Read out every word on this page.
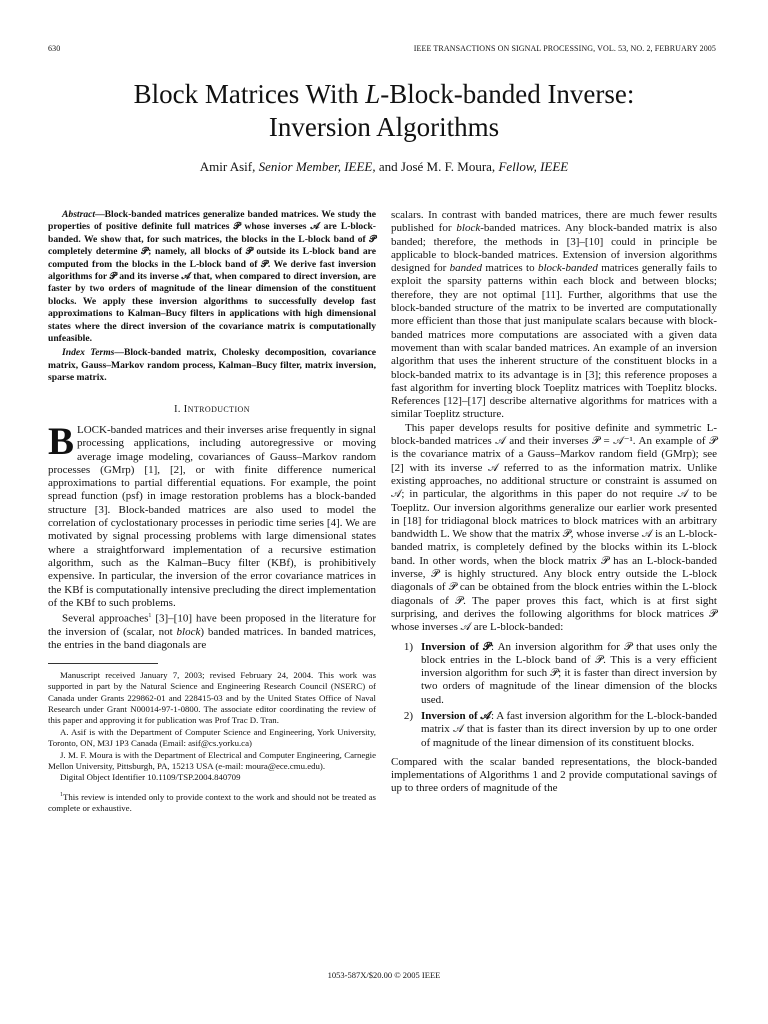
630	IEEE TRANSACTIONS ON SIGNAL PROCESSING, VOL. 53, NO. 2, FEBRUARY 2005
Block Matrices With L-Block-banded Inverse:
Inversion Algorithms
Amir Asif, Senior Member, IEEE, and José M. F. Moura, Fellow, IEEE

Abstract—Block-banded matrices generalize banded matrices. We study the properties of positive definite full matrices 𝒫 whose inverses 𝒜 are L-block-banded. We show that, for such matrices, the blocks in the L-block band of 𝒫 completely determine 𝒫; namely, all blocks of 𝒫 outside its L-block band are computed from the blocks in the L-block band of 𝒫. We derive fast inversion algorithms for 𝒫 and its inverse 𝒜 that, when compared to direct inversion, are faster by two orders of magnitude of the linear dimension of the constituent blocks. We apply these inversion algorithms to successfully develop fast approximations to Kalman–Bucy filters in applications with high dimensional states where the direct inversion of the covariance matrix is computationally unfeasible.

Index Terms—Block-banded matrix, Cholesky decomposition, covariance matrix, Gauss–Markov random process, Kalman–Bucy filter, matrix inversion, sparse matrix.

I. Introduction

BLOCK-banded matrices and their inverses arise frequently in signal processing applications, including autoregressive or moving average image modeling, covariances of Gauss–Markov random processes (GMrp) [1], [2], or with finite difference numerical approximations to partial differential equations. For example, the point spread function (psf) in image restoration problems has a block-banded structure [3]. Block-banded matrices are also used to model the correlation of cyclostationary processes in periodic time series [4]. We are motivated by signal processing problems with large dimensional states where a straightforward implementation of a recursive estimation algorithm, such as the Kalman–Bucy filter (KBf), is prohibitively expensive. In particular, the inversion of the error covariance matrices in the KBf is computationally intensive precluding the direct implementation of the KBf to such problems.

Several approaches$^1$ [3]–[10] have been proposed in the literature for the inversion of (scalar, not block) banded matrices. In banded matrices, the entries in the band diagonals are

Manuscript received January 7, 2003; revised February 24, 2004. This work was supported in part by the Natural Science and Engineering Research Council (NSERC) of Canada under Grants 229862-01 and 228415-03 and by the United States Office of Naval Research under Grant N00014-97-1-0800. The associate editor coordinating the review of this paper and approving it for publication was Prof Trac D. Tran.

A. Asif is with the Department of Computer Science and Engineering, York University, Toronto, ON, M3J 1P3 Canada (Email: asif@cs.yorku.ca)

J. M. F. Moura is with the Department of Electrical and Computer Engineering, Carnegie Mellon University, Pittsburgh, PA, 15213 USA (e-mail: moura@ece.cmu.edu).

Digital Object Identifier 10.1109/TSP.2004.840709

$^1$This review is intended only to provide context to the work and should not be treated as complete or exhaustive.

scalars. In contrast with banded matrices, there are much fewer results published for block-banded matrices. Any block-banded matrix is also banded; therefore, the methods in [3]–[10] could in principle be applicable to block-banded matrices. Extension of inversion algorithms designed for banded matrices to block-banded matrices generally fails to exploit the sparsity patterns within each block and between blocks; therefore, they are not optimal [11]. Further, algorithms that use the block-banded structure of the matrix to be inverted are computationally more efficient than those that just manipulate scalars because with block-banded matrices more computations are associated with a given data movement than with scalar banded matrices. An example of an inversion algorithm that uses the inherent structure of the constituent blocks in a block-banded matrix to its advantage is in [3]; this reference proposes a fast algorithm for inverting block Toeplitz matrices with Toeplitz blocks. References [12]–[17] describe alternative algorithms for matrices with a similar Toeplitz structure.

This paper develops results for positive definite and symmetric L-block-banded matrices 𝒜 and their inverses 𝒫 = 𝒜⁻¹. An example of 𝒫 is the covariance matrix of a Gauss–Markov random field (GMrp); see [2] with its inverse 𝒜 referred to as the information matrix. Unlike existing approaches, no additional structure or constraint is assumed on 𝒜; in particular, the algorithms in this paper do not require 𝒜 to be Toeplitz. Our inversion algorithms generalize our earlier work presented in [18] for tridiagonal block matrices to block matrices with an arbitrary bandwidth L. We show that the matrix 𝒫, whose inverse 𝒜 is an L-block-banded matrix, is completely defined by the blocks within its L-block band. In other words, when the block matrix 𝒫 has an L-block-banded inverse, 𝒫 is highly structured. Any block entry outside the L-block diagonals of 𝒫 can be obtained from the block entries within the L-block diagonals of 𝒫. The paper proves this fact, which is at first sight surprising, and derives the following algorithms for block matrices 𝒫 whose inverses 𝒜 are L-block-banded:

1) Inversion of 𝒫: An inversion algorithm for 𝒫 that uses only the block entries in the L-block band of 𝒫. This is a very efficient inversion algorithm for such 𝒫; it is faster than direct inversion by two orders of magnitude of the linear dimension of the blocks used.
2) Inversion of 𝒜: A fast inversion algorithm for the L-block-banded matrix 𝒜 that is faster than its direct inversion by up to one order of magnitude of the linear dimension of its constituent blocks.

Compared with the scalar banded representations, the block-banded implementations of Algorithms 1 and 2 provide computational savings of up to three orders of magnitude of the

1053-587X/$20.00 © 2005 IEEE
